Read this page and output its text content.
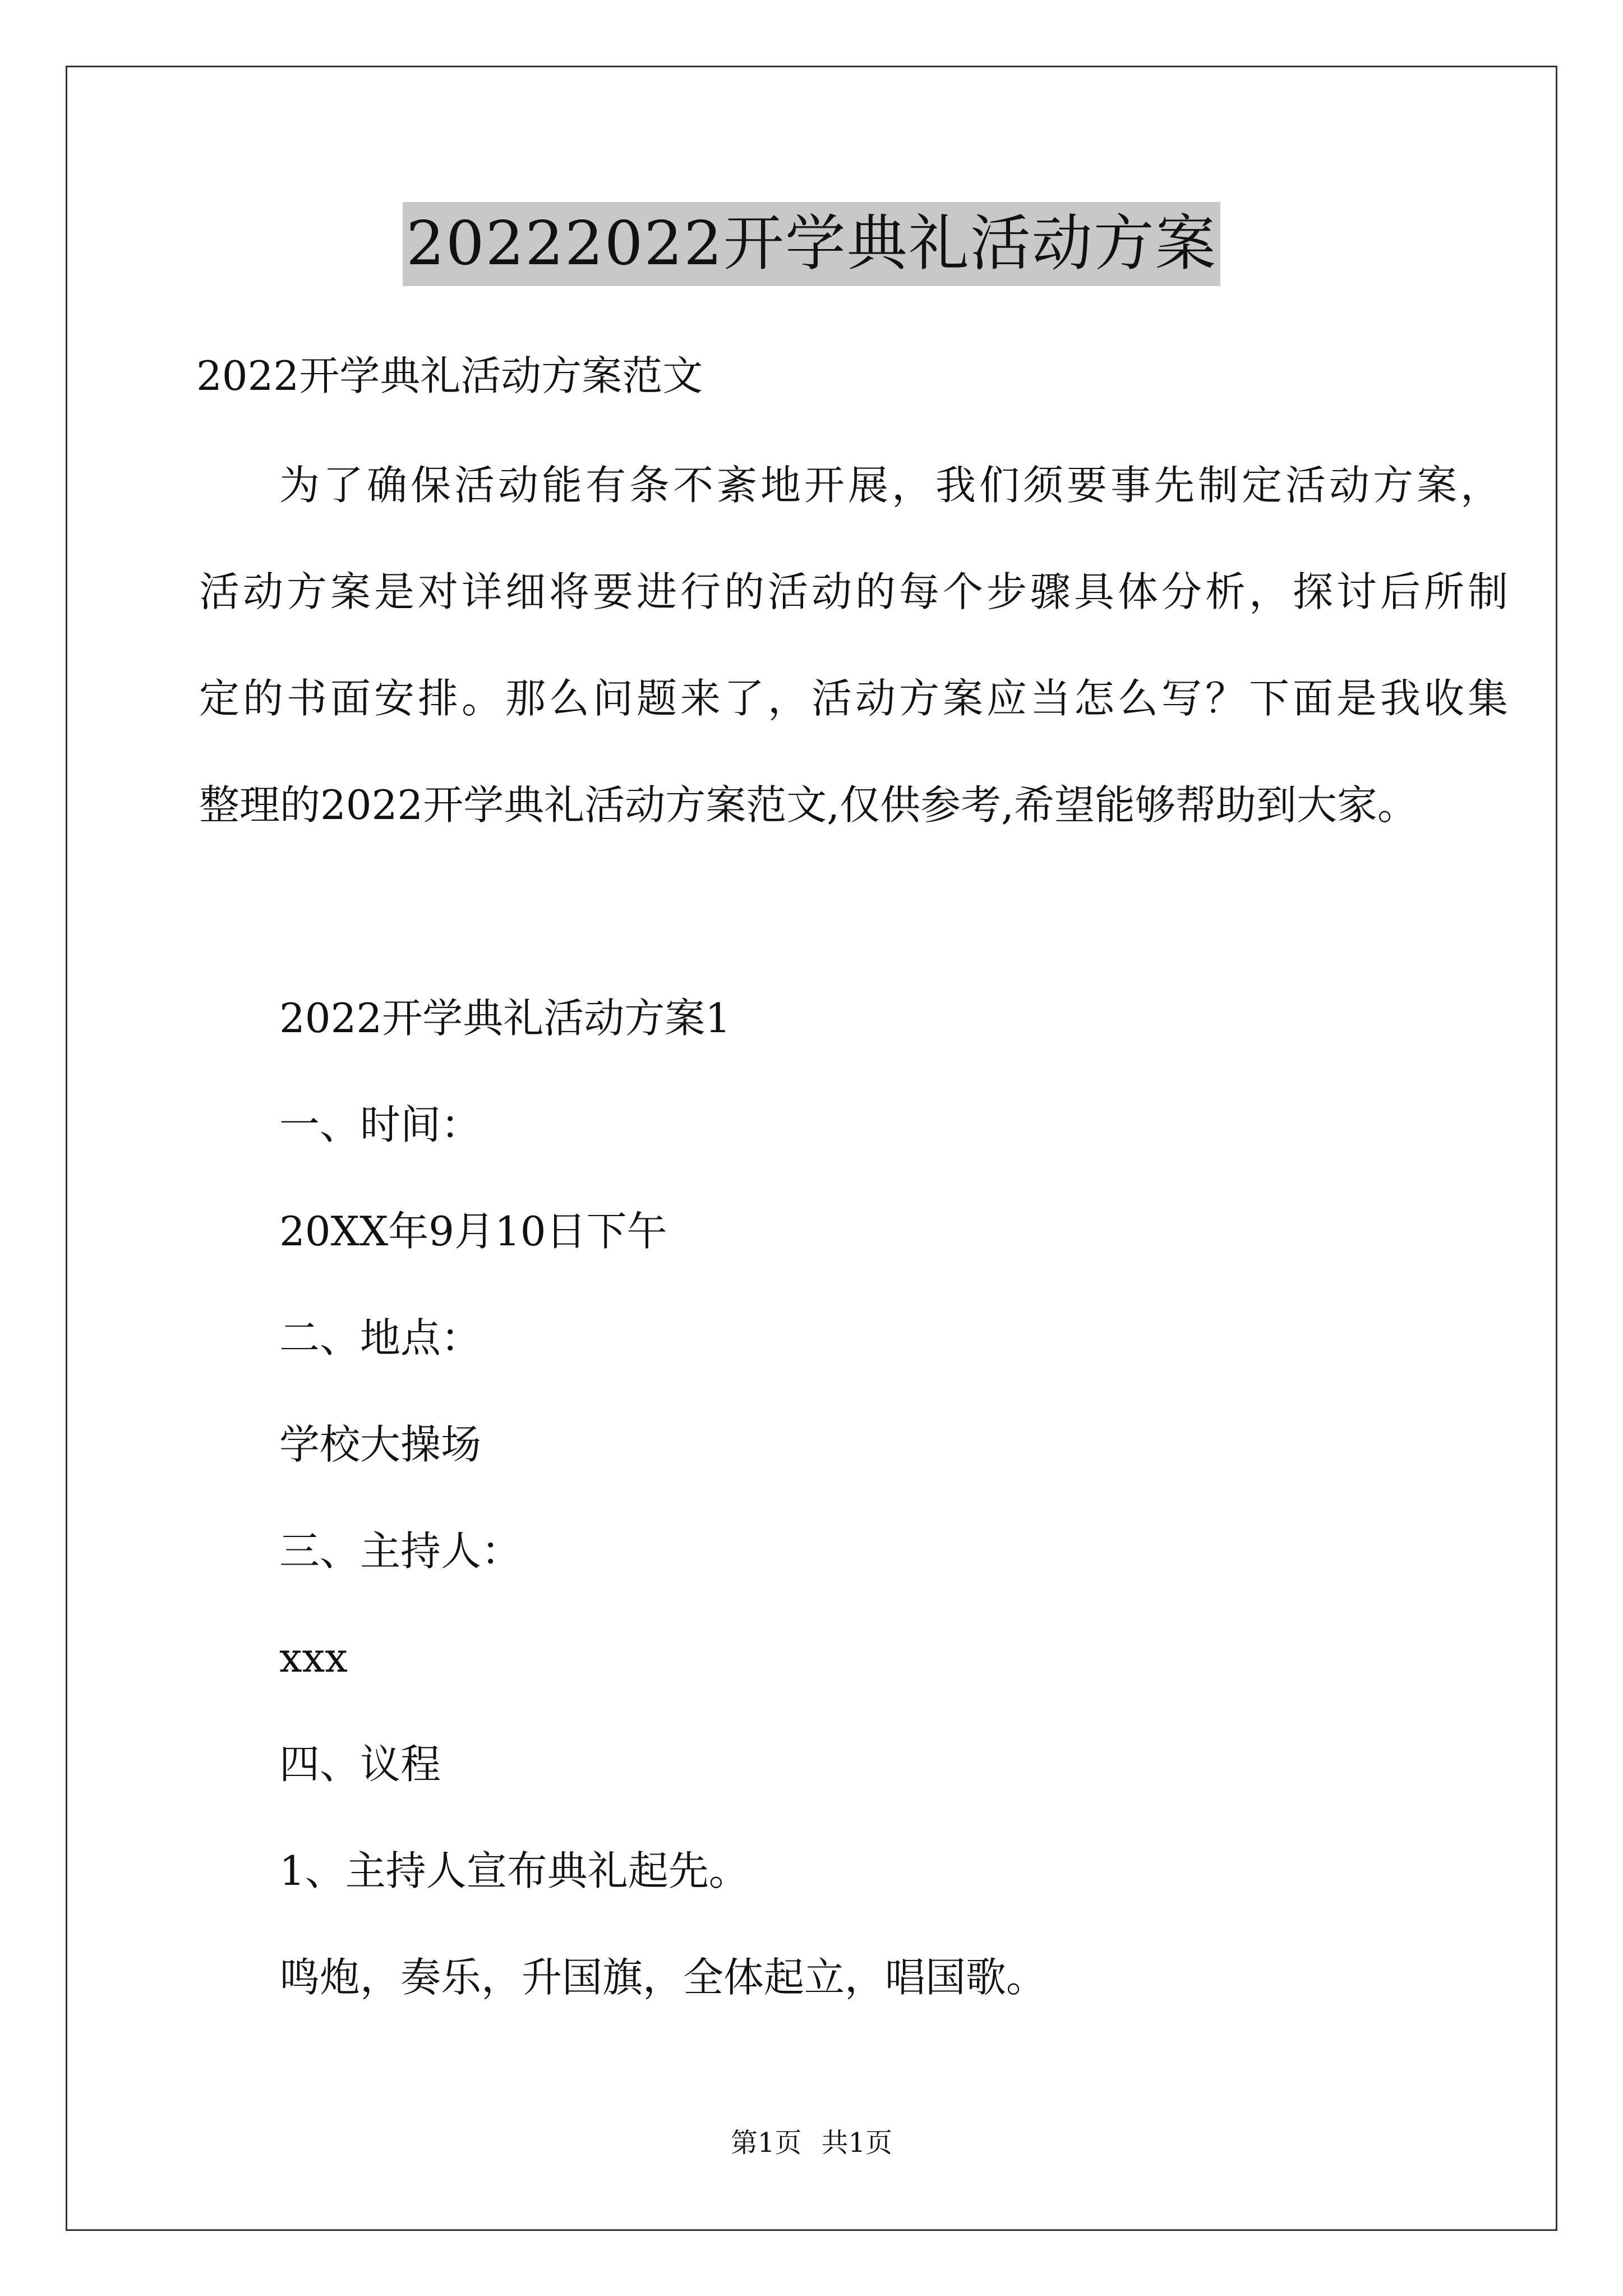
20222022开学典礼活动方案
2022开学典礼活动方案范文
为了确保活动能有条不紊地开展，我们须要事先制定活动方案，
活动方案是对详细将要进行的活动的每个步骤具体分析，探讨后所制
定的书面安排。那么问题来了，活动方案应当怎么写？下面是我收集
整理的2022开学典礼活动方案范文,仅供参考,希望能够帮助到大家。
2022开学典礼活动方案1
一、时间：
20XX年9月10日下午
二、地点：
学校大操场
三、主持人：
xxx
四、议程
1、主持人宣布典礼起先。
鸣炮，奏乐，升国旗，全体起立，唱国歌。
第1页 共1页
